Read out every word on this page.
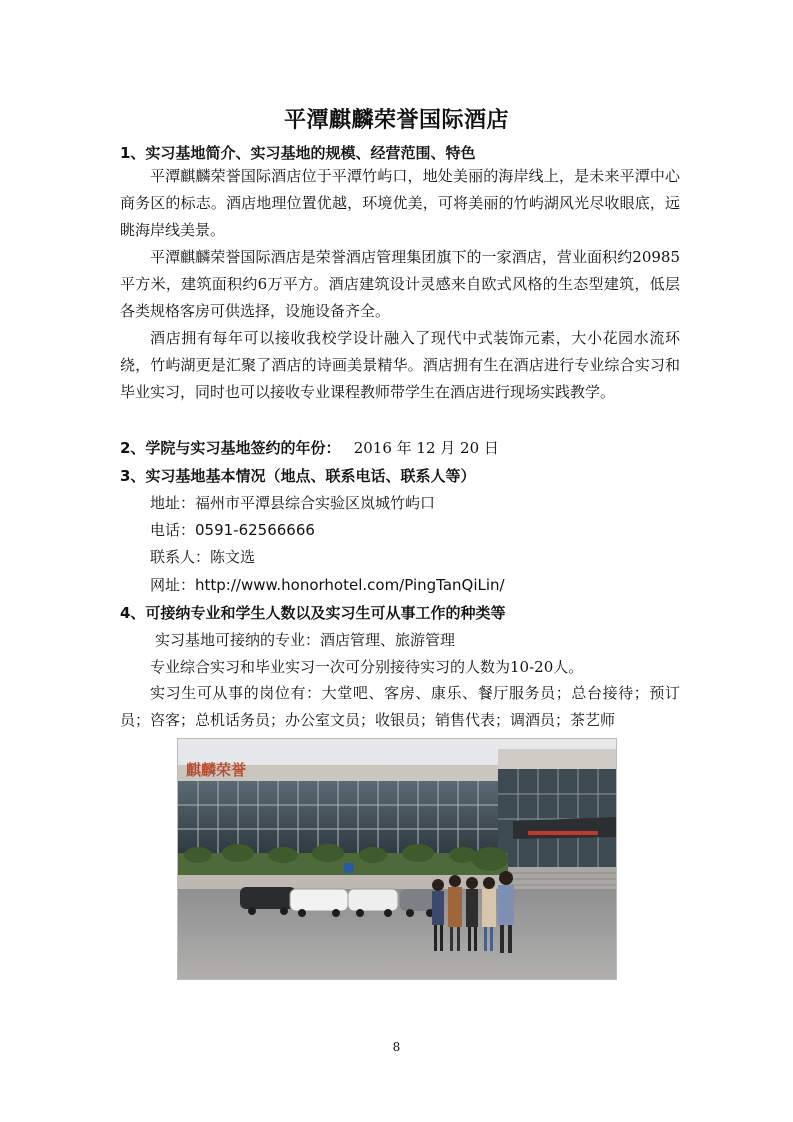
平潭麒麟荣誉国际酒店
1、实习基地简介、实习基地的规模、经营范围、特色
平潭麒麟荣誉国际酒店位于平潭竹屿口，地处美丽的海岸线上，是未来平潭中心商务区的标志。酒店地理位置优越，环境优美，可将美丽的竹屿湖风光尽收眼底，远眺海岸线美景。
平潭麒麟荣誉国际酒店是荣誉酒店管理集团旗下的一家酒店，营业面积约20985平方米，建筑面积约6万平方。酒店建筑设计灵感来自欧式风格的生态型建筑，低层各类规格客房可供选择，设施设备齐全。
酒店拥有每年可以接收我校学设计融入了现代中式装饰元素，大小花园水流环绕，竹屿湖更是汇聚了酒店的诗画美景精华。酒店拥有生在酒店进行专业综合实习和毕业实习，同时也可以接收专业课程教师带学生在酒店进行现场实践教学。
2、学院与实习基地签约的年份： 2016 年 12 月 20 日
3、实习基地基本情况（地点、联系电话、联系人等）
地址：福州市平潭县综合实验区岚城竹屿口
电话：0591-62566666
联系人：陈文选
网址：http://www.honorhotel.com/PingTanQiLin/
4、可接纳专业和学生人数以及实习生可从事工作的种类等
实习基地可接纳的专业：酒店管理、旅游管理
专业综合实习和毕业实习一次可分别接待实习的人数为10-20人。
实习生可从事的岗位有：大堂吧、客房、康乐、餐厅服务员；总台接待；预订员；咨客；总机话务员；办公室文员；收银员；销售代表；调酒员；茶艺师
麒麟荣誉
8
